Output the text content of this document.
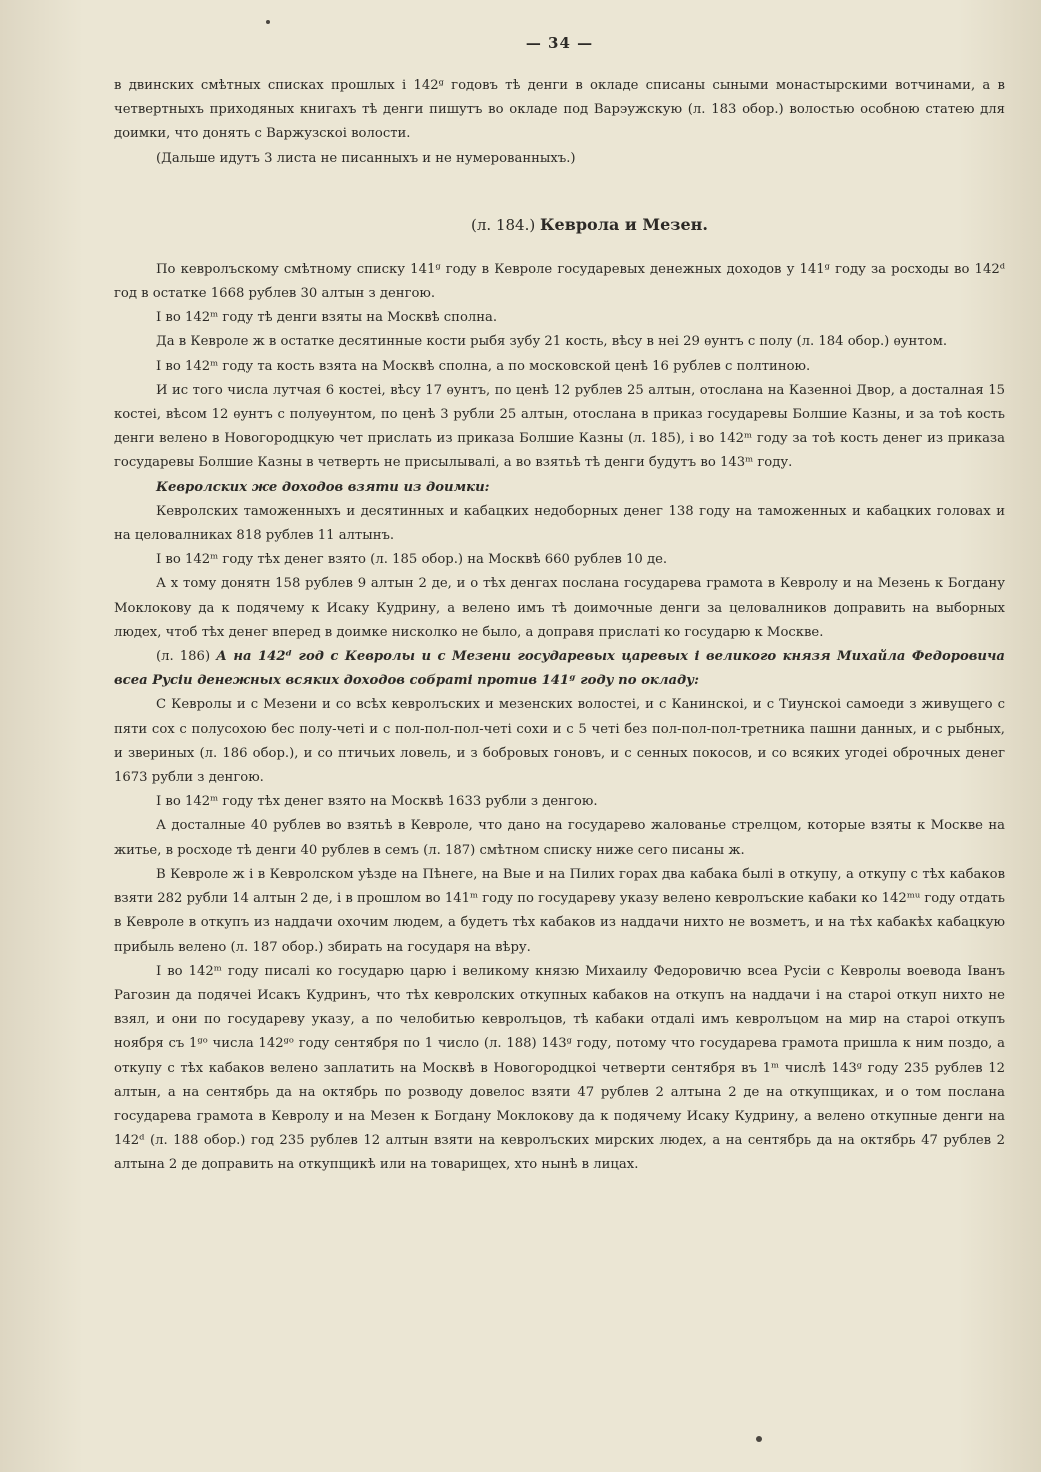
— 34 —

в двинских смѣтных списках прошлых і 142ᵍ годовъ тѣ денги в окладе списаны сыными монастырскими вотчинами, а в четвертныхъ приходяных книгахъ тѣ денги пишутъ во окладе под Варэужскую (л. 183 обор.) волостью особною статею для доимки, что донять с Варжузскоі волости.

(Дальше идутъ 3 листа не писанныхъ и не нумерованныхъ.)

(л. 184.) Кеврола и Мезен.

По кевролъскому смѣтному списку 141ᵍ году в Кевроле государевых денежных доходов у 141ᵍ году за росходы во 142ᵈ год в остатке 1668 рублев 30 алтын з денгою.

І во 142ᵐ году тѣ денги взяты на Москвѣ сполна.

Да в Кевроле ж в остатке десятинные кости рыбя зубу 21 кость, вѣсу в неі 29 ѳунтъ с полу (л. 184 обор.) ѳунтом.

І во 142ᵐ году та кость взята на Москвѣ сполна, а по московской ценѣ 16 рублев с полтиною.

И ис того числа лутчая 6 костеі, вѣсу 17 ѳунтъ, по ценѣ 12 рублев 25 алтын, отослана на Казенноі Двор, а досталная 15 костеі, вѣсом 12 ѳунтъ с полуѳунтом, по ценѣ 3 рубли 25 алтын, отослана в приказ государевы Болшие Казны, и за тоѣ кость денги велено в Новогородцкую чет прислать из приказа Болшие Казны (л. 185), і во 142ᵐ году за тоѣ кость денег из приказа государевы Болшие Казны в четверть не присылывалі, а во взятьѣ тѣ денги будутъ во 143ᵐ году.

Кевролских же доходов взяти из доимки:

Кевролских таможенныхъ и десятинных и кабацких недоборных денег 138 году на таможенных и кабацких головах и на целовалниках 818 рублев 11 алтынъ.

І во 142ᵐ году тѣх денег взято (л. 185 обор.) на Москвѣ 660 рублев 10 де.

А х тому донятн 158 рублев 9 алтын 2 де, и о тѣх денгах послана государева грамота в Кевролу и на Мезень к Богдану Моклокову да к подячему к Исаку Кудрину, а велено имъ тѣ доимочные денги за целовалников доправить на выборных людех, чтоб тѣх денег вперед в доимке нисколко не было, а доправя прислаті ко государю к Москве.

(л. 186) А на 142ᵈ год с Кевролы и с Мезени государевых царевых і великого князя Михайла Федоровича всеа Русіи денежных всяких доходов собраті против 141ᵍ году по окладу:

С Кевролы и с Мезени и со всѣх кевролъских и мезенских волостеі, и с Канинскоі, и с Тиунскоі самоеди з живущего с пяти сох с полусохою бес полу-четі и с пол-пол-пол-четі сохи и с 5 четі без пол-пол-пол-третника пашни данных, и с рыбных, и звериных (л. 186 обор.), и со птичьих ловель, и з бобровых гоновъ, и с сенных покосов, и со всяких угодеі оброчных денег 1673 рубли з денгою.

І во 142ᵐ году тѣх денег взято на Москвѣ 1633 рубли з денгою.

А досталные 40 рублев во взятьѣ в Кевроле, что дано на государево жалованье стрелцом, которые взяты к Москве на житье, в росходе тѣ денги 40 рублев в семъ (л. 187) смѣтном списку ниже сего писаны ж.

В Кевроле ж і в Кевролском уѣзде на Пѣнеге, на Вые и на Пилих горах два кабака былі в откупу, а откупу с тѣх кабаков взяти 282 рубли 14 алтын 2 де, і в прошлом во 141ᵐ году по государеву указу велено кевролъские кабаки ко 142ᵐᵘ году отдать в Кевроле в откупъ из наддачи охочим людем, а будетъ тѣх кабаков из наддачи нихто не возметъ, и на тѣх кабакѣх кабацкую прибыль велено (л. 187 обор.) збирать на государя на вѣру.

І во 142ᵐ году писалі ко государю царю і великому князю Михаилу Федоровичю всеа Русіи с Кевролы воевода Іванъ Рагозин да подячеі Исакъ Кудринъ, что тѣх кевролских откупных кабаков на откупъ на наддачи і на староі откуп нихто не взял, и они по государеву указу, а по челобитью кевролъцов, тѣ кабаки отдалі имъ кевролъцом на мир на староі откупъ ноября съ 1ᵍᵒ числа 142ᵍᵒ году сентября по 1 число (л. 188) 143ᵍ году, потому что государева грамота пришла к ним поздо, а откупу с тѣх кабаков велено заплатить на Москвѣ в Новогородцкоі четверти сентября въ 1ᵐ числѣ 143ᵍ году 235 рублев 12 алтын, а на сентябрь да на октябрь по розводу довелос взяти 47 рублев 2 алтына 2 де на откупщиках, и о том послана государева грамота в Кевролу и на Мезен к Богдану Моклокову да к подячему Исаку Кудрину, а велено откупные денги на 142ᵈ (л. 188 обор.) год 235 рублев 12 алтын взяти на кевролъских мирских людех, а на сентябрь да на октябрь 47 рублев 2 алтына 2 де доправить на откупщикѣ или на товарищех, хто нынѣ в лицах.
